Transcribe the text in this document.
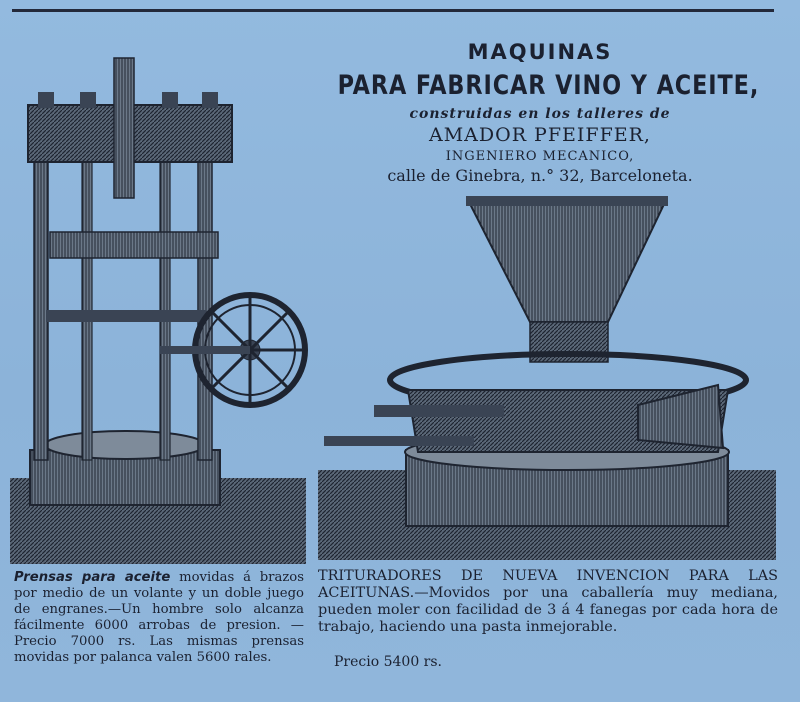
MAQUINAS
PARA FABRICAR VINO Y ACEITE,
construidas en los talleres de
AMADOR PFEIFFER,
INGENIERO MECANICO,
calle de Ginebra, n.° 32, Barceloneta.
Prensas para aceite movidas á brazos por medio de un volante y un doble juego de engranes.—Un hombre solo alcanza fácilmente 6000 arrobas de presion. —Precio 7000 rs. Las mismas prensas movidas por palanca valen 5600 rales.
TRITURADORES DE NUEVA INVENCION PARA LAS ACEITUNAS.—Movidos por una caballería muy mediana, pueden moler con facilidad de 3 á 4 fanegas por cada hora de trabajo, haciendo una pasta inmejorable.
Precio 5400 rs.
